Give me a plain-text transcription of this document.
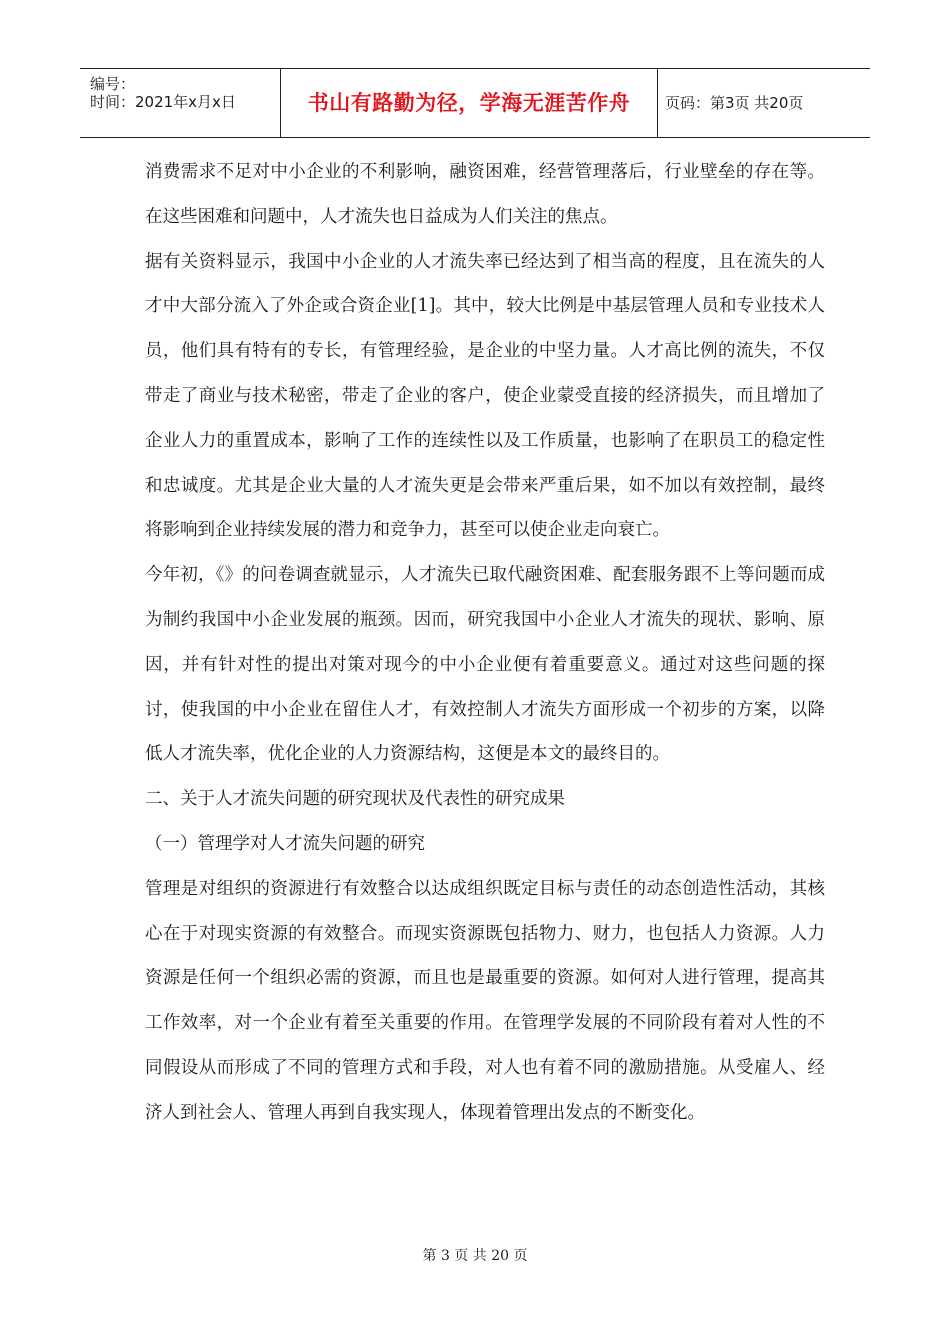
编号：
时间：2021年x月x日	书山有路勤为径，学海无涯苦作舟	页码：第3页 共20页

消费需求不足对中小企业的不利影响，融资困难，经营管理落后，行业壁垒的存在等。在这些困难和问题中，人才流失也日益成为人们关注的焦点。

据有关资料显示，我国中小企业的人才流失率已经达到了相当高的程度，且在流失的人才中大部分流入了外企或合资企业[1]。其中，较大比例是中基层管理人员和专业技术人员，他们具有特有的专长，有管理经验，是企业的中坚力量。人才高比例的流失，不仅带走了商业与技术秘密，带走了企业的客户，使企业蒙受直接的经济损失，而且增加了企业人力的重置成本，影响了工作的连续性以及工作质量，也影响了在职员工的稳定性和忠诚度。尤其是企业大量的人才流失更是会带来严重后果，如不加以有效控制，最终将影响到企业持续发展的潜力和竞争力，甚至可以使企业走向衰亡。

今年初，《》的问卷调查就显示，人才流失已取代融资困难、配套服务跟不上等问题而成为制约我国中小企业发展的瓶颈。因而，研究我国中小企业人才流失的现状、影响、原因，并有针对性的提出对策对现今的中小企业便有着重要意义。通过对这些问题的探讨，使我国的中小企业在留住人才，有效控制人才流失方面形成一个初步的方案，以降低人才流失率，优化企业的人力资源结构，这便是本文的最终目的。

二、关于人才流失问题的研究现状及代表性的研究成果

（一）管理学对人才流失问题的研究

管理是对组织的资源进行有效整合以达成组织既定目标与责任的动态创造性活动，其核心在于对现实资源的有效整合。而现实资源既包括物力、财力，也包括人力资源。人力资源是任何一个组织必需的资源，而且也是最重要的资源。如何对人进行管理，提高其工作效率，对一个企业有着至关重要的作用。在管理学发展的不同阶段有着对人性的不同假设从而形成了不同的管理方式和手段，对人也有着不同的激励措施。从受雇人、经济人到社会人、管理人再到自我实现人，体现着管理出发点的不断变化。

第 3 页 共 20 页
